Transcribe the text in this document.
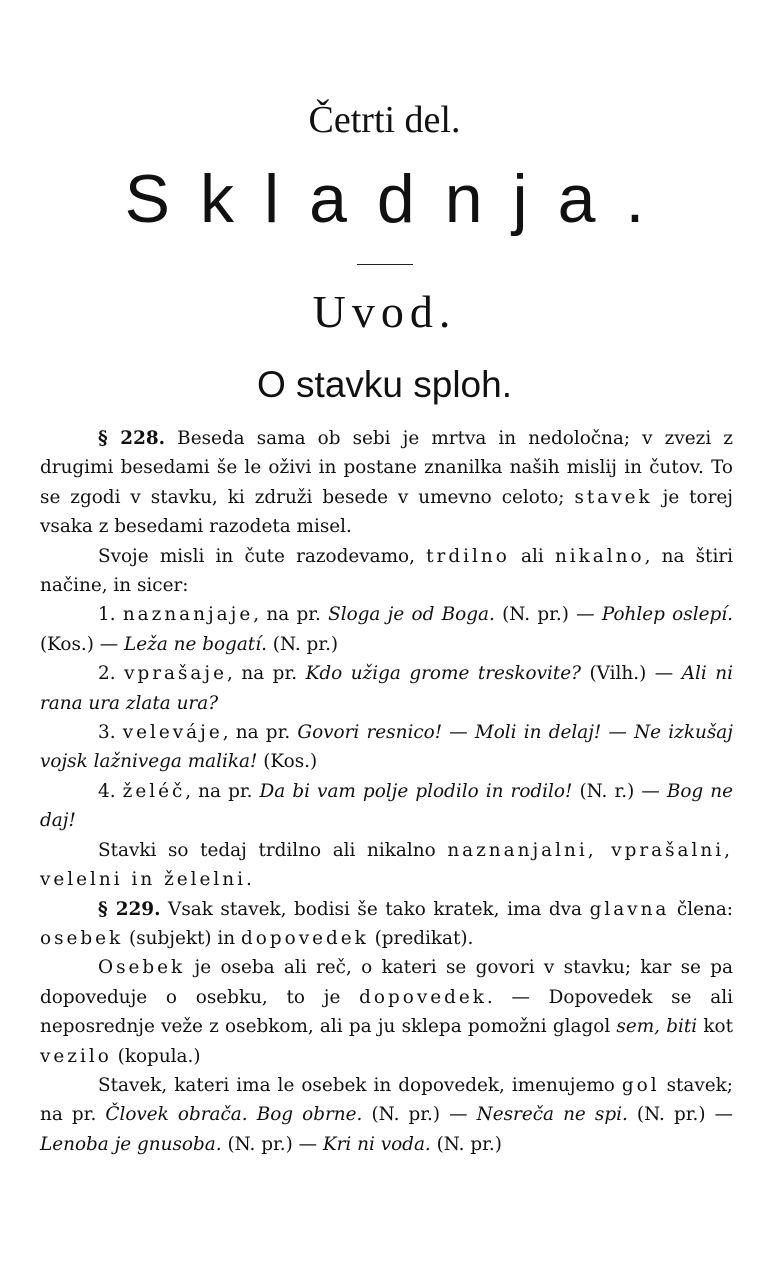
Četrti del.
Skladnja.
Uvod.
O stavku sploh.

§ 228. Beseda sama ob sebi je mrtva in nedoločna; v zvezi z drugimi besedami še le oživi in postane znanilka naših mislij in čutov. To se zgodi v stavku, ki združi besede v umevno celoto; stavek je torej vsaka z besedami razodeta misel.

Svoje misli in čute razodevamo, trdilno ali nikalno, na štiri načine, in sicer:

1. naznanjaje, na pr. Sloga je od Boga. (N. pr.) — Pohlep oslepí. (Kos.) — Leža ne bogatí. (N. pr.)

2. vprašaje, na pr. Kdo užiga grome treskovite? (Vilh.) — Ali ni rana ura zlata ura?

3. veleváje, na pr. Govori resnico! — Moli in delaj! — Ne izkušaj vojsk lažnivega malika! (Kos.)

4. želéč, na pr. Da bi vam polje plodilo in rodilo! (N. r.) — Bog ne daj!

Stavki so tedaj trdilno ali nikalno naznanjalni, vprašalni, velelni in želelni.

§ 229. Vsak stavek, bodisi še tako kratek, ima dva glavna člena: osebek (subjekt) in dopovedek (predikat).

Osebek je oseba ali reč, o kateri se govori v stavku; kar se pa dopoveduje o osebku, to je dopovedek. — Dopovedek se ali neposrednje veže z osebkom, ali pa ju sklepa pomožni glagol sem, biti kot vezilo (kopula.)

Stavek, kateri ima le osebek in dopovedek, imenujemo gol stavek; na pr. Človek obrača. Bog obrne. (N. pr.) — Nesreča ne spi. (N. pr.) — Lenoba je gnusoba. (N. pr.) — Kri ni voda. (N. pr.)
